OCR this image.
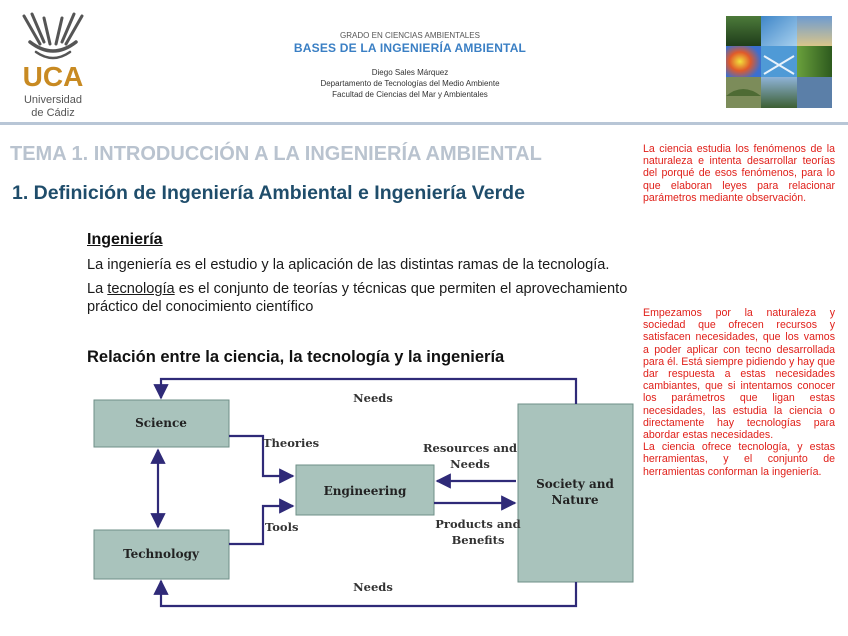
UCA
Universidad
de Cádiz
GRADO EN CIENCIAS AMBIENTALES
BASES DE LA INGENIERÍA AMBIENTAL
Diego Sales Márquez
Departamento de Tecnologías del Medio Ambiente
Facultad de Ciencias del Mar y Ambientales
TEMA 1. INTRODUCCIÓN A LA INGENIERÍA AMBIENTAL
1. Definición de Ingeniería Ambiental e Ingeniería Verde
Ingeniería
La ingeniería es el estudio y la aplicación de las distintas ramas de la tecnología.
La tecnología es el conjunto de teorías y técnicas que permiten el aprovechamiento
práctico del conocimiento científico
Relación entre la ciencia, la tecnología y la ingeniería
La ciencia estudia los fenómenos de la naturaleza e intenta desarrollar teorías del porqué de esos fenómenos, para lo que elaboran leyes para relacionar parámetros mediante observación.
Empezamos por la naturaleza y sociedad que ofrecen recursos y satisfacen necesidades, que los vamos a poder aplicar con tecno desarrollada para él. Está siempre pidiendo y hay que dar respuesta a estas necesidades cambiantes, que si intentamos conocer los parámetros que ligan estas necesidades, las estudia la ciencia o directamente hay tecnologías para abordar estas necesidades.
La ciencia ofrece tecnología, y estas herramientas, y el conjunto de herramientas conforman la ingeniería.
Science
Technology
Engineering	Society and
Nature
Needs
Needs
Theories
Tools
Resources and
Needs
Products and
Benefits
